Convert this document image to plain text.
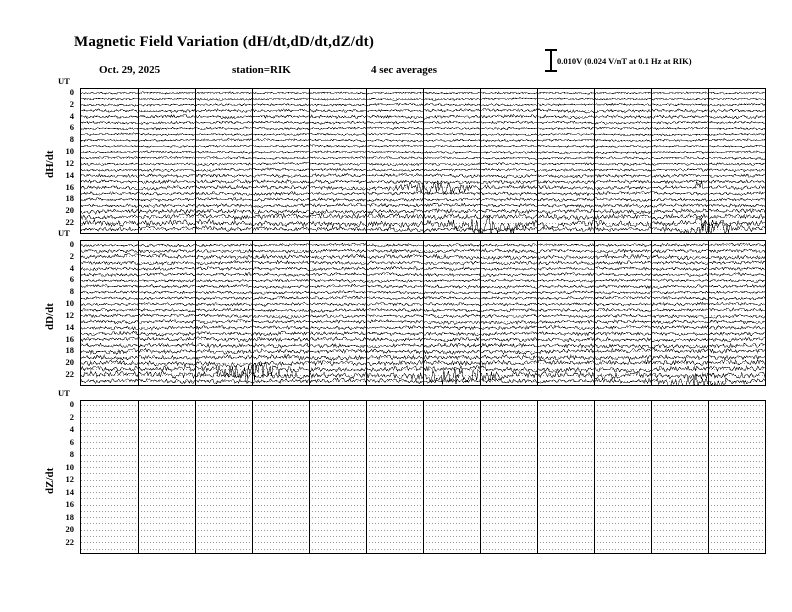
Magnetic Field Variation (dH/dt,dD/dt,dZ/dt)
Oct. 29, 2025	station=RIK	4 sec averages
0.010V (0.024 V/nT at 0.1 Hz at RIK)
dH/dt
UT
dD/dt
UT
dZ/dt
UT
0
2
4
6
8
10
12
14
16
18
20
22
0
2
4
6
8
10
12
14
16
18
20
22
0
2
4
6
8
10
12
14
16
18
20
22
